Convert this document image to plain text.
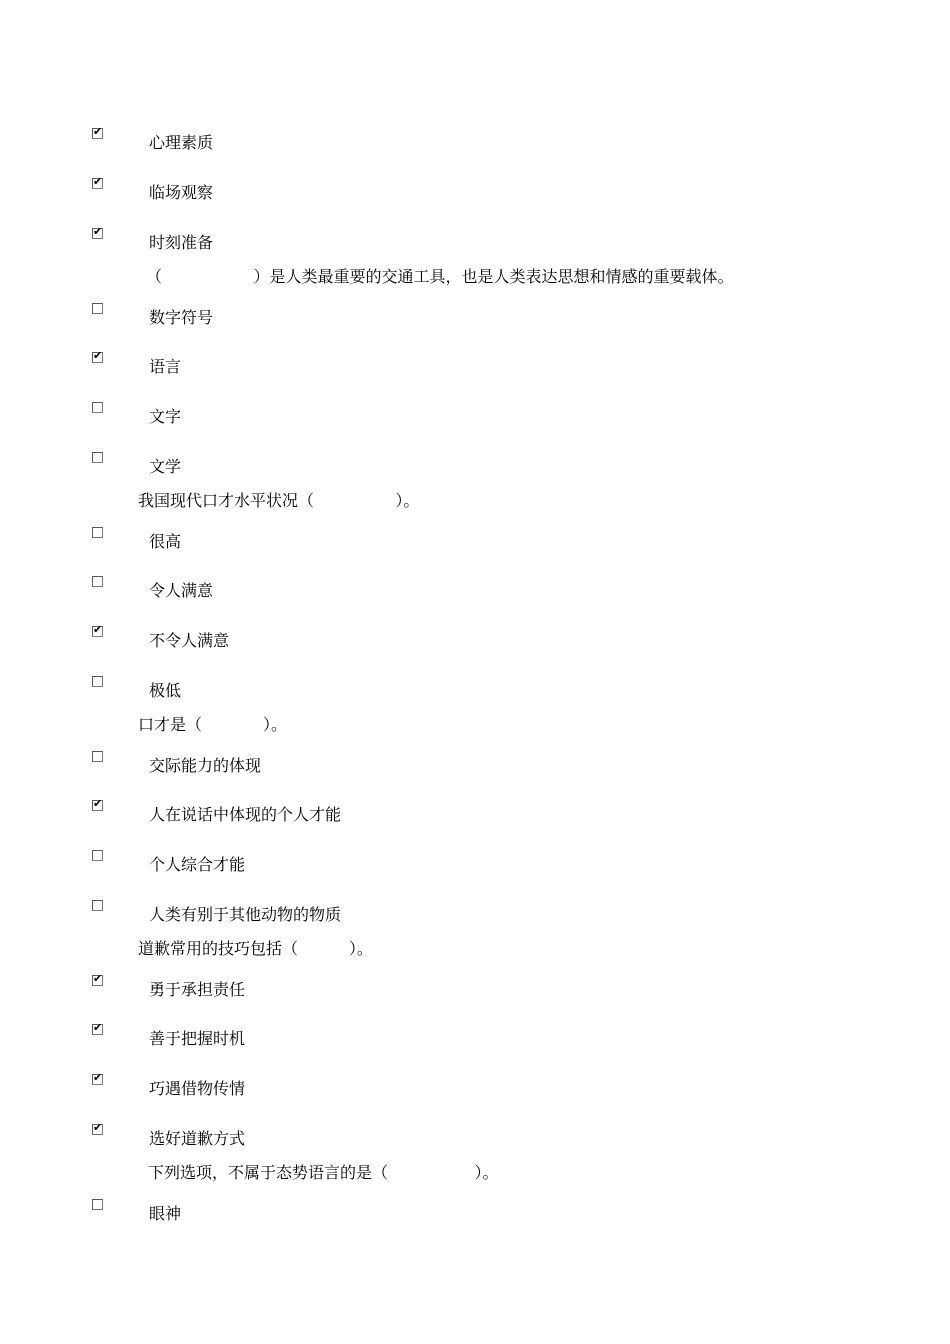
✔
心理素质
✔
临场观察
✔
时刻准备
（                  ）是人类最重要的交通工具，也是人类表达思想和情感的重要载体。
数字符号
✔
语言
文字
文学
我国现代口才水平状况（                ）。
很高
令人满意
✔
不令人满意
极低
口才是（            ）。
交际能力的体现
✔
人在说话中体现的个人才能
个人综合才能
人类有别于其他动物的物质
道歉常用的技巧包括（          ）。
✔
勇于承担责任
✔
善于把握时机
✔
巧遇借物传情
✔
选好道歉方式
下列选项，不属于态势语言的是（                 ）。
眼神
